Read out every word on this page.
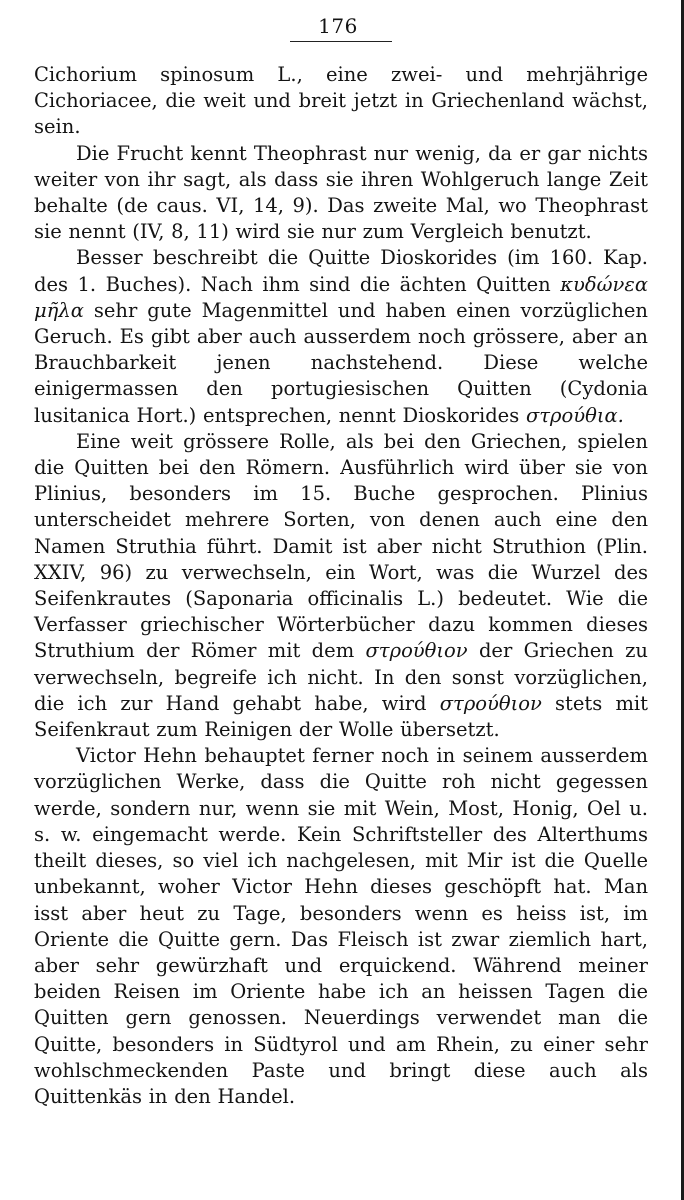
176

Cichorium spinosum L., eine zwei- und mehrjährige Cichoriacee, die weit und breit jetzt in Griechenland wächst, sein.

Die Frucht kennt Theophrast nur wenig, da er gar nichts weiter von ihr sagt, als dass sie ihren Wohlgeruch lange Zeit behalte (de caus. VI, 14, 9). Das zweite Mal, wo Theophrast sie nennt (IV, 8, 11) wird sie nur zum Vergleich benutzt.

Besser beschreibt die Quitte Dioskorides (im 160. Kap. des 1. Buches). Nach ihm sind die ächten Quitten κυδώνεα μῆλα sehr gute Magenmittel und haben einen vorzüglichen Geruch. Es gibt aber auch ausserdem noch grössere, aber an Brauchbarkeit jenen nachstehend. Diese welche einigermassen den portugiesischen Quitten (Cydonia lusitanica Hort.) entsprechen, nennt Dioskorides στρούθια.

Eine weit grössere Rolle, als bei den Griechen, spielen die Quitten bei den Römern. Ausführlich wird über sie von Plinius, besonders im 15. Buche gesprochen. Plinius unterscheidet mehrere Sorten, von denen auch eine den Namen Struthia führt. Damit ist aber nicht Struthion (Plin. XXIV, 96) zu verwechseln, ein Wort, was die Wurzel des Seifenkrautes (Saponaria officinalis L.) bedeutet. Wie die Verfasser griechischer Wörterbücher dazu kommen dieses Struthium der Römer mit dem στρούθιον der Griechen zu verwechseln, begreife ich nicht. In den sonst vorzüglichen, die ich zur Hand gehabt habe, wird στρούθιον stets mit Seifenkraut zum Reinigen der Wolle übersetzt.

Victor Hehn behauptet ferner noch in seinem ausserdem vorzüglichen Werke, dass die Quitte roh nicht gegessen werde, sondern nur, wenn sie mit Wein, Most, Honig, Oel u. s. w. eingemacht werde. Kein Schriftsteller des Alterthums theilt dieses, so viel ich nachgelesen, mit Mir ist die Quelle unbekannt, woher Victor Hehn dieses geschöpft hat. Man isst aber heut zu Tage, besonders wenn es heiss ist, im Oriente die Quitte gern. Das Fleisch ist zwar ziemlich hart, aber sehr gewürzhaft und erquickend. Während meiner beiden Reisen im Oriente habe ich an heissen Tagen die Quitten gern genossen. Neuerdings verwendet man die Quitte, besonders in Südtyrol und am Rhein, zu einer sehr wohlschmeckenden Paste und bringt diese auch als Quittenkäs in den Handel.
